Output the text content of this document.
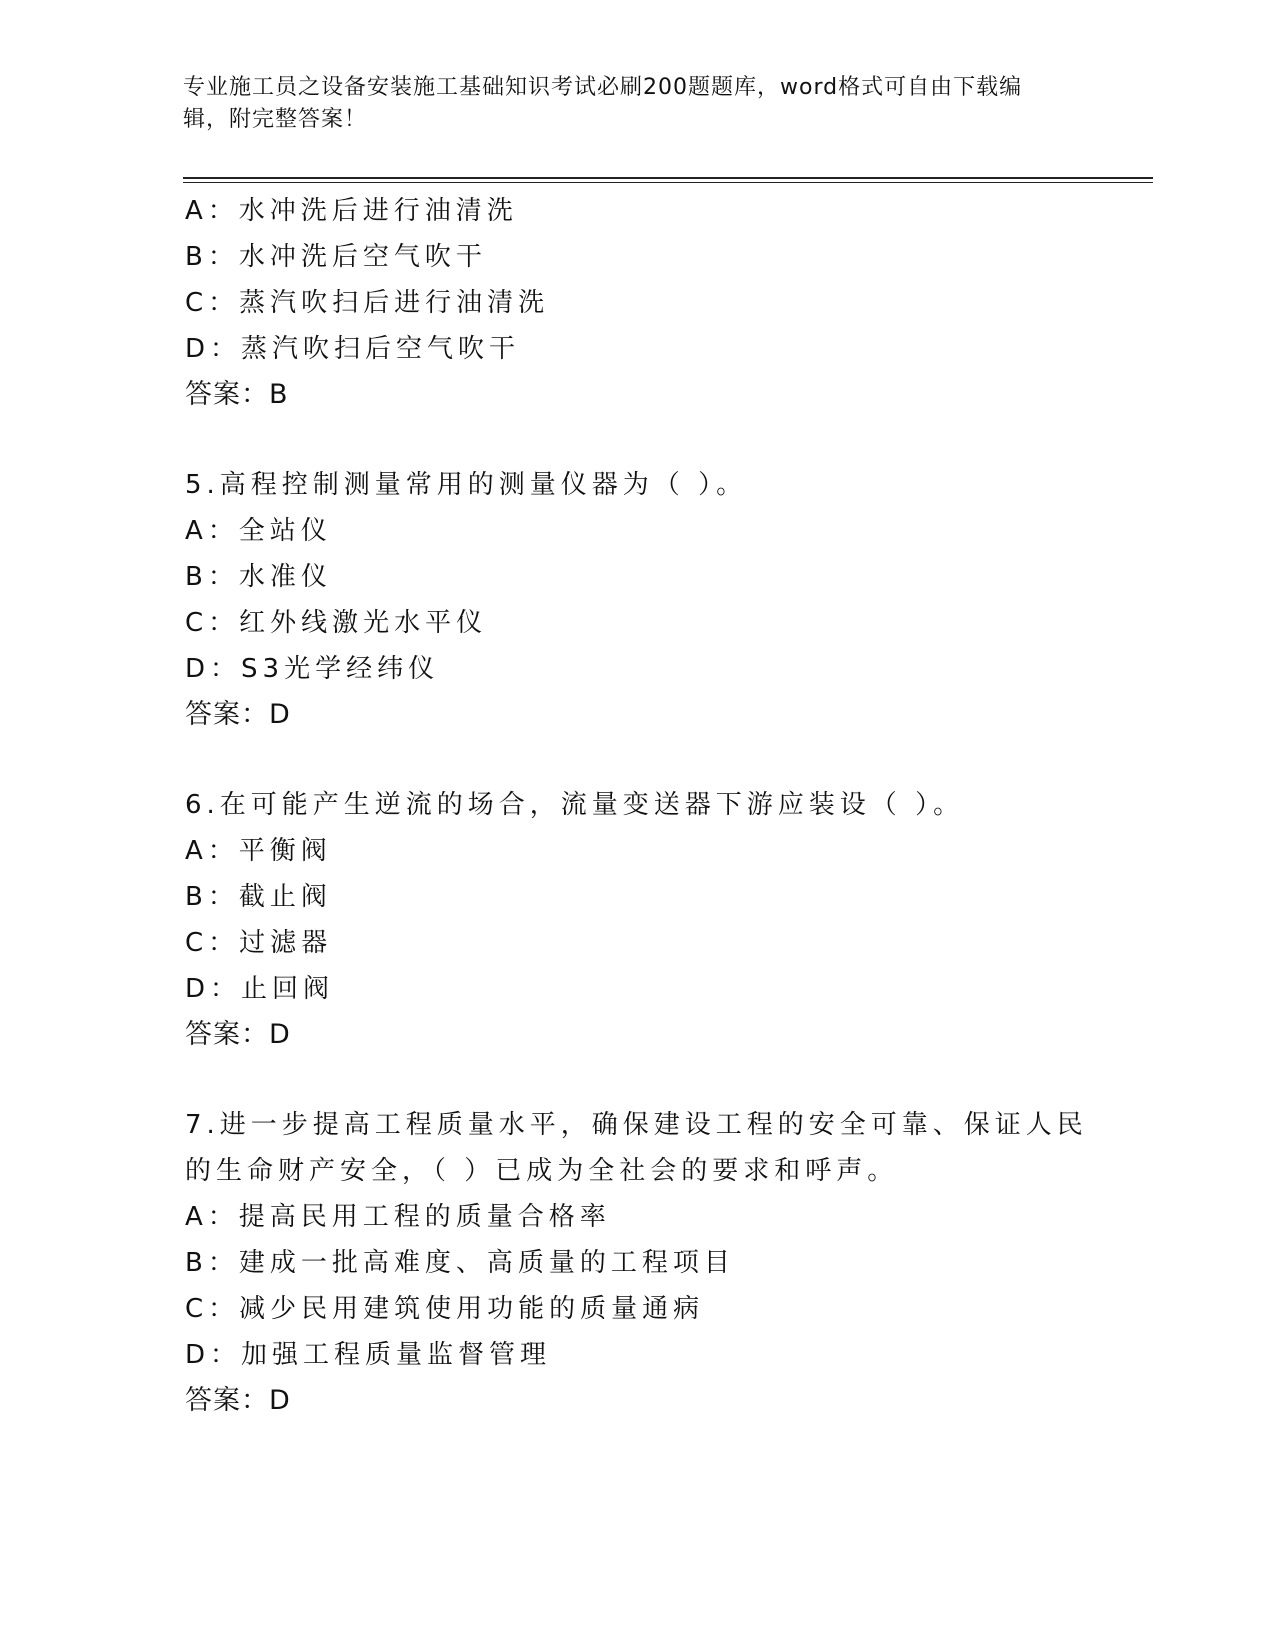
专业施工员之设备安装施工基础知识考试必刷200题题库，word格式可自由下载编辑，附完整答案！
A：水冲洗后进行油清洗
B：水冲洗后空气吹干
C：蒸汽吹扫后进行油清洗
D：蒸汽吹扫后空气吹干
答案：B
5.高程控制测量常用的测量仪器为（ ）。
A：全站仪
B：水准仪
C：红外线激光水平仪
D：S3光学经纬仪
答案：D
6.在可能产生逆流的场合，流量变送器下游应装设（ ）。
A：平衡阀
B：截止阀
C：过滤器
D：止回阀
答案：D
7.进一步提高工程质量水平，确保建设工程的安全可靠、保证人民的生命财产安全，（ ）已成为全社会的要求和呼声。
A：提高民用工程的质量合格率
B：建成一批高难度、高质量的工程项目
C：减少民用建筑使用功能的质量通病
D：加强工程质量监督管理
答案：D
